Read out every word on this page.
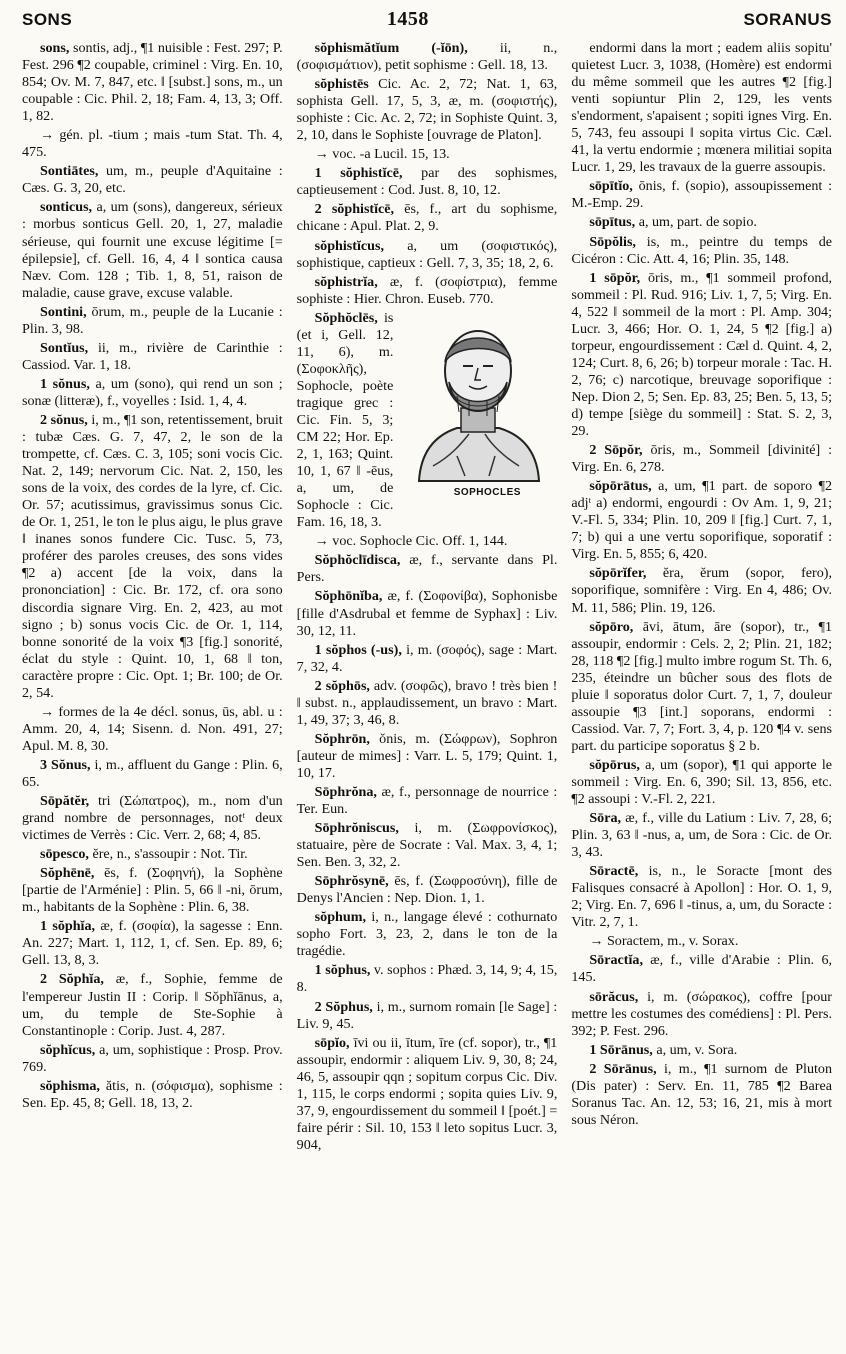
SONS	1458	SORANUS
sons, sontis, adj., ¶1 nuisible : Fest. 297; P. Fest. 296 ¶2 coupable, criminel : Virg. En. 10, 854; Ov. M. 7, 847, etc. ‖ [subst.] sons, m., un coupable : Cic. Phil. 2, 18; Fam. 4, 13, 3; Off. 1, 82.
→ gén. pl. -tium ; mais -tum Stat. Th. 4, 475.
Sontiātes, um, m., peuple d'Aquitaine : Cæs. G. 3, 20, etc.
sonticus, a, um (sons), dangereux, sérieux : morbus sonticus Gell. 20, 1, 27, maladie sérieuse, qui fournit une excuse légitime [= épilepsie], cf. Gell. 16, 4, 4 ‖ sontica causa Næv. Com. 128 ; Tib. 1, 8, 51, raison de maladie, cause grave, excuse valable.
Sontini, ōrum, m., peuple de la Lucanie : Plin. 3, 98.
Sontĭus, ii, m., rivière de Carinthie : Cassiod. Var. 1, 18.
1 sŏnus, a, um (sono), qui rend un son ; sonæ (litteræ), f., voyelles : Isid. 1, 4, 4.
2 sŏnus, i, m., ¶1 son, retentissement, bruit : tubæ Cæs. G. 7, 47, 2, le son de la trompette, cf. Cæs. C. 3, 105; soni vocis Cic. Nat. 2, 149; nervorum Cic. Nat. 2, 150, les sons de la voix, des cordes de la lyre, cf. Cic. Or. 57; acutissimus, gravissimus sonus Cic. de Or. 1, 251, le ton le plus aigu, le plus grave ‖ inanes sonos fundere Cic. Tusc. 5, 73, proférer des paroles creuses, des sons vides ¶2 a) accent [de la voix, dans la prononciation] : Cic. Br. 172, cf. ora sono discordia signare Virg. En. 2, 423, au mot signo ; b) sonus vocis Cic. de Or. 1, 114, bonne sonorité de la voix ¶3 [fig.] sonorité, éclat du style : Quint. 10, 1, 68 ‖ ton, caractère propre : Cic. Opt. 1; Br. 100; de Or. 2, 54.
→ formes de la 4e décl. sonus, ūs, abl. u : Amm. 20, 4, 14; Sisenn. d. Non. 491, 27; Apul. M. 8, 30.
3 Sŏnus, i, m., affluent du Gange : Plin. 6, 65.
Sōpătĕr, tri (Σώπατρος), m., nom d'un grand nombre de personnages, notᵗ deux victimes de Verrès : Cic. Verr. 2, 68; 4, 85.
sōpesco, ĕre, n., s'assoupir : Not. Tir.
Sŏphēnē, ēs, f. (Σοφηνή), la Sophène [partie de l'Arménie] : Plin. 5, 66 ‖ -ni, ōrum, m., habitants de la Sophène : Plin. 6, 38.
1 sŏphĭa, æ, f. (σοφία), la sagesse : Enn. An. 227; Mart. 1, 112, 1, cf. Sen. Ep. 89, 6; Gell. 13, 8, 3.
2 Sŏphĭa, æ, f., Sophie, femme de l'empereur Justin II : Corip. ‖ Sŏphĭānus, a, um, du temple de Ste-Sophie à Constantinople : Corip. Just. 4, 287.
sŏphĭcus, a, um, sophistique : Prosp. Prov. 769.
sŏphisma, ătis, n. (σόφισμα), sophisme : Sen. Ep. 45, 8; Gell. 18, 13, 2.
sŏphismătĭum (-ĭōn), ii, n., (σοφισμάτιον), petit sophisme : Gell. 18, 13.
sŏphistēs Cic. Ac. 2, 72; Nat. 1, 63, sophista Gell. 17, 5, 3, æ, m. (σοφιστής), sophiste : Cic. Ac. 2, 72; in Sophiste Quint. 3, 2, 10, dans le Sophiste [ouvrage de Platon].
→ voc. -a Lucil. 15, 13.
1 sŏphistĭcē, par des sophismes, captieusement : Cod. Just. 8, 10, 12.
2 sŏphistĭcē, ēs, f., art du sophisme, chicane : Apul. Plat. 2, 9.
sŏphistĭcus, a, um (σοφιστικός), sophistique, captieux : Gell. 7, 3, 35; 18, 2, 6.
sŏphistrĭa, æ, f. (σοφίστρια), femme sophiste : Hier. Chron. Euseb. 770.
SOPHOCLES
Sŏphŏclēs, is (et i, Gell. 12, 11, 6), m. (Σοφοκλῆς), Sophocle, poète tragique grec : Cic. Fin. 5, 3; CM 22; Hor. Ep. 2, 1, 163; Quint. 10, 1, 67 ‖ -ēus, a, um, de Sophocle : Cic. Fam. 16, 18, 3.
→ voc. Sophocle Cic. Off. 1, 144.
Sŏphŏclīdisca, æ, f., servante dans Pl. Pers.
Sŏphōnĭba, æ, f. (Σοφονίβα), Sophonisbe [fille d'Asdrubal et femme de Syphax] : Liv. 30, 12, 11.
1 sŏphos (-us), i, m. (σοφός), sage : Mart. 7, 32, 4.
2 sŏphōs, adv. (σοφῶς), bravo ! très bien ! ‖ subst. n., applaudissement, un bravo : Mart. 1, 49, 37; 3, 46, 8.
Sŏphrōn, ŏnis, m. (Σώφρων), Sophron [auteur de mimes] : Varr. L. 5, 179; Quint. 1, 10, 17.
Sōphrŏna, æ, f., personnage de nourrice : Ter. Eun.
Sōphrŏniscus, i, m. (Σωφρονίσκος), statuaire, père de Socrate : Val. Max. 3, 4, 1; Sen. Ben. 3, 32, 2.
Sōphrŏsynē, ēs, f. (Σωφροσύνη), fille de Denys l'Ancien : Nep. Dion. 1, 1.
sŏphum, i, n., langage élevé : cothurnato sopho Fort. 3, 23, 2, dans le ton de la tragédie.
1 sŏphus, v. sophos : Phæd. 3, 14, 9; 4, 15, 8.
2 Sŏphus, i, m., surnom romain [le Sage] : Liv. 9, 45.
sōpĭo, īvi ou ii, ītum, īre (cf. sopor), tr., ¶1 assoupir, endormir : aliquem Liv. 9, 30, 8; 24, 46, 5, assoupir qqn ; sopitum corpus Cic. Div. 1, 115, le corps endormi ; sopita quies Liv. 9, 37, 9, engourdissement du sommeil ‖ [poét.] = faire périr : Sil. 10, 153 ‖ leto sopitus Lucr. 3, 904,
endormi dans la mort ; eadem aliis sopitu' quietest Lucr. 3, 1038, (Homère) est endormi du même sommeil que les autres ¶2 [fig.] venti sopiuntur Plin 2, 129, les vents s'endorment, s'apaisent ; sopiti ignes Virg. En. 5, 743, feu assoupi ‖ sopita virtus Cic. Cæl. 41, la vertu endormie ; mœnera militiai sopita Lucr. 1, 29, les travaux de la guerre assoupis.
sōpītĭo, ōnis, f. (sopio), assoupissement : M.-Emp. 29.
sōpītus, a, um, part. de sopio.
Sōpŏlis, is, m., peintre du temps de Cicéron : Cic. Att. 4, 16; Plin. 35, 148.
1 sōpŏr, ōris, m., ¶1 sommeil profond, sommeil : Pl. Rud. 916; Liv. 1, 7, 5; Virg. En. 4, 522 ‖ sommeil de la mort : Pl. Amp. 304; Lucr. 3, 466; Hor. O. 1, 24, 5 ¶2 [fig.] a) torpeur, engourdissement : Cæl d. Quint. 4, 2, 124; Curt. 8, 6, 26; b) torpeur morale : Tac. H. 2, 76; c) narcotique, breuvage soporifique : Nep. Dion 2, 5; Sen. Ep. 83, 25; Ben. 5, 13, 5; d) tempe [siège du sommeil] : Stat. S. 2, 3, 29.
2 Sōpŏr, ōris, m., Sommeil [divinité] : Virg. En. 6, 278.
sŏpōrātus, a, um, ¶1 part. de soporo ¶2 adjᵗ a) endormi, engourdi : Ov Am. 1, 9, 21; V.-Fl. 5, 334; Plin. 10, 209 ‖ [fig.] Curt. 7, 1, 7; b) qui a une vertu soporifique, soporatif : Virg. En. 5, 855; 6, 420.
sŏpōrĭfer, ĕra, ĕrum (sopor, fero), soporifique, somnifère : Virg. En 4, 486; Ov. M. 11, 586; Plin. 19, 126.
sŏpōro, āvi, ātum, āre (sopor), tr., ¶1 assoupir, endormir : Cels. 2, 2; Plin. 21, 182; 28, 118 ¶2 [fig.] multo imbre rogum St. Th. 6, 235, éteindre un bûcher sous des flots de pluie ‖ soporatus dolor Curt. 7, 1, 7, douleur assoupie ¶3 [int.] soporans, endormi : Cassiod. Var. 7, 7; Fort. 3, 4, p. 120 ¶4 v. sens part. du participe soporatus § 2 b.
sŏpōrus, a, um (sopor), ¶1 qui apporte le sommeil : Virg. En. 6, 390; Sil. 13, 856, etc. ¶2 assoupi : V.-Fl. 2, 221.
Sōra, æ, f., ville du Latium : Liv. 7, 28, 6; Plin. 3, 63 ‖ -nus, a, um, de Sora : Cic. de Or. 3, 43.
Sōractē, is, n., le Soracte [mont des Falisques consacré à Apollon] : Hor. O. 1, 9, 2; Virg. En. 7, 696 ‖ -tinus, a, um, du Soracte : Vitr. 2, 7, 1.
→ Soractem, m., v. Sorax.
Sōractĭa, æ, f., ville d'Arabie : Plin. 6, 145.
sōrăcus, i, m. (σώρακος), coffre [pour mettre les costumes des comédiens] : Pl. Pers. 392; P. Fest. 296.
1 Sōrānus, a, um, v. Sora.
2 Sōrānus, i, m., ¶1 surnom de Pluton (Dis pater) : Serv. En. 11, 785 ¶2 Barea Soranus Tac. An. 12, 53; 16, 21, mis à mort sous Néron.
